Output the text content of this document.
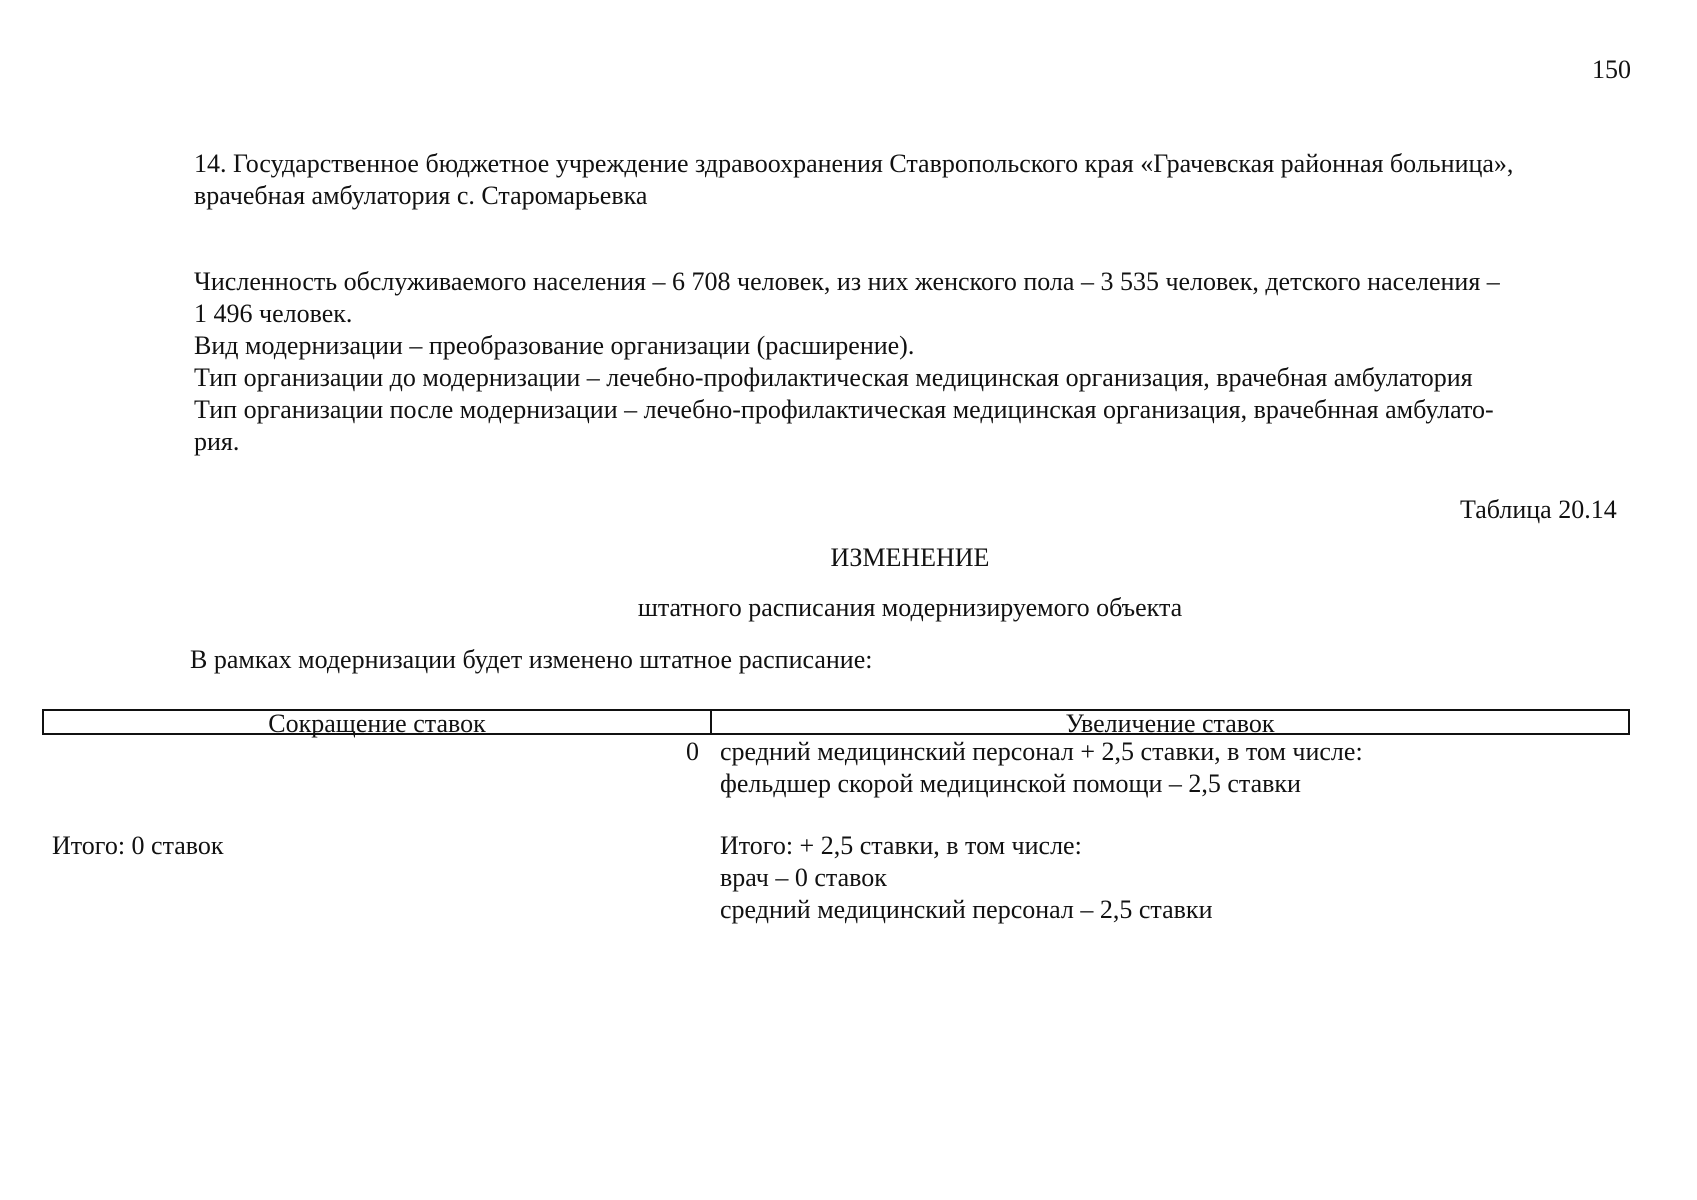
150
14. Государственное бюджетное учреждение здравоохранения Ставропольского края «Грачевская районная больница»,
врачебная амбулатория с. Старомарьевка
Численность обслуживаемого населения – 6 708 человек, из них женского пола – 3 535 человек, детского населения –
1 496 человек.
Вид модернизации – преобразование организации (расширение).
Тип организации до модернизации – лечебно-профилактическая медицинская организация, врачебная амбулатория
Тип организации после модернизации – лечебно-профилактическая медицинская организация, врачебнная амбулато-
рия.
Таблица 20.14
ИЗМЕНЕНИЕ
штатного расписания модернизируемого объекта
В рамках модернизации будет изменено штатное расписание:
Сокращение ставок	Увеличение ставок
0 средний медицинский персонал + 2,5 ставки, в том числе:
фельдшер скорой медицинской помощи – 2,5 ставки
Итого: 0 ставок	Итого: + 2,5 ставки, в том числе:
врач – 0 ставок
средний медицинский персонал – 2,5 ставки
